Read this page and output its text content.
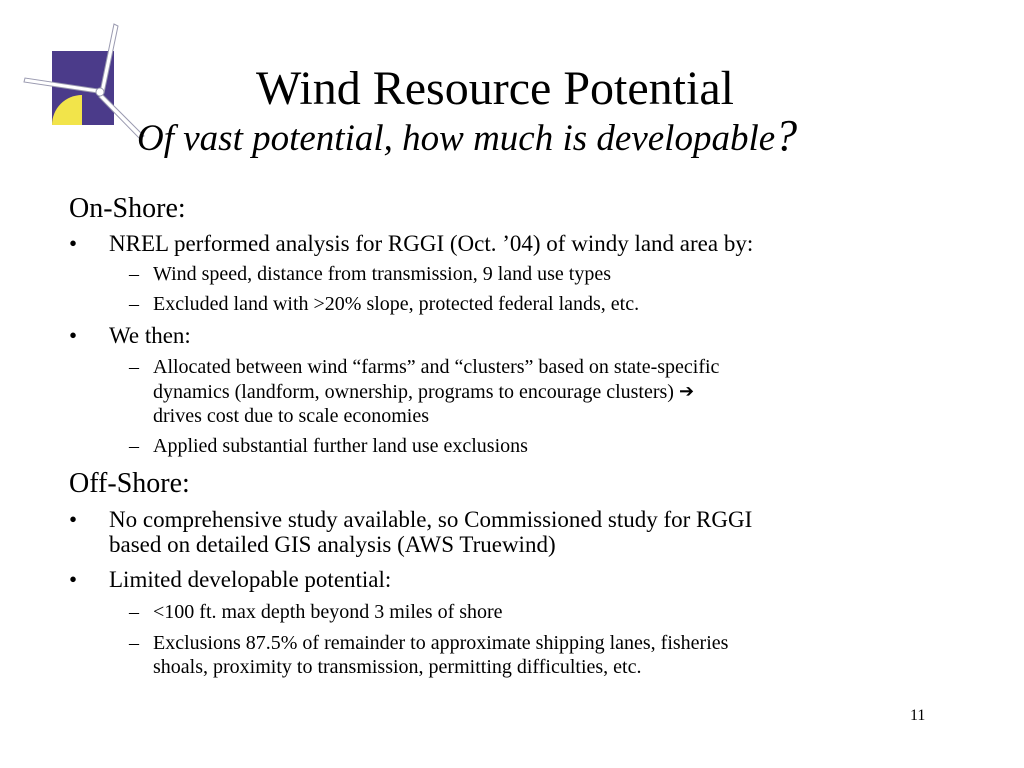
Wind Resource Potential
Of vast potential, how much is developable?

On-Shore:

• NREL performed analysis for RGGI (Oct. ’04) of windy land area by:

– Wind speed, distance from transmission, 9 land use types

– Excluded land with >20% slope, protected federal lands, etc.

• We then:

– Allocated between wind “farms” and “clusters” based on state-specific
dynamics (landform, ownership, programs to encourage clusters) ➔
drives cost due to scale economies

– Applied substantial further land use exclusions

Off-Shore:

• No comprehensive study available, so Commissioned study for RGGI
based on detailed GIS analysis (AWS Truewind)

• Limited developable potential:

– <100 ft. max depth beyond 3 miles of shore

– Exclusions 87.5% of remainder to approximate shipping lanes, fisheries
shoals, proximity to transmission, permitting difficulties, etc.

11
